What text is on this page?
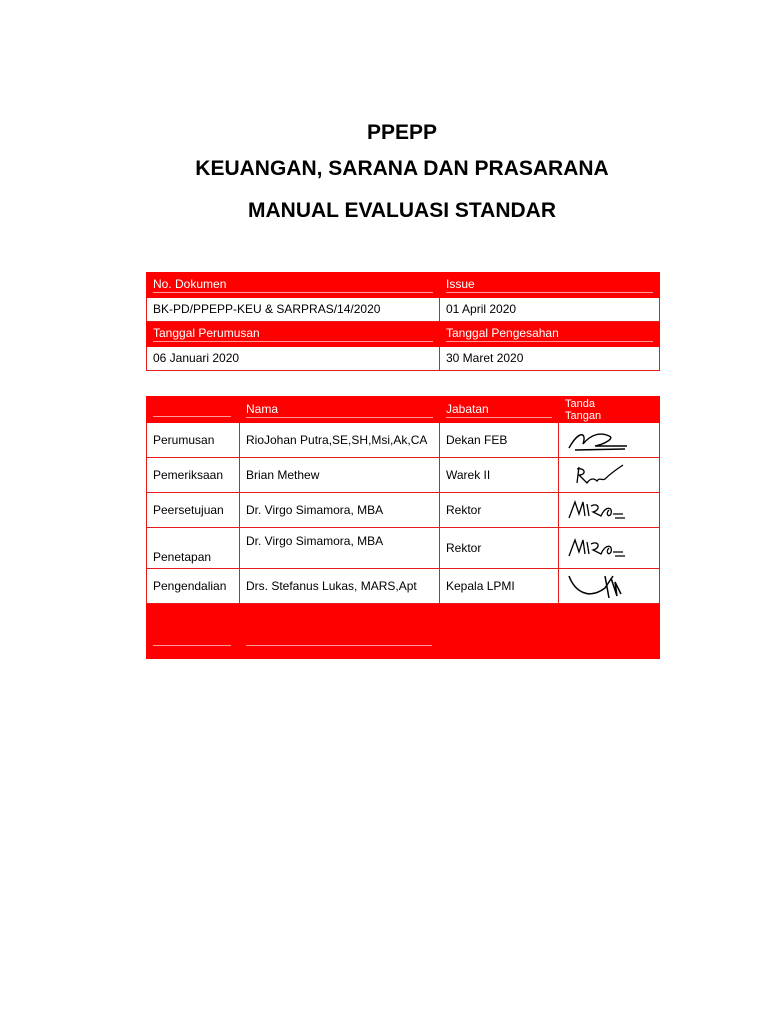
PPEPP
KEUANGAN, SARANA DAN PRASARANA
MANUAL EVALUASI STANDAR
No. Dokumen	Issue

BK-PD/PPEPP-KEU & SARPRAS/14/2020	01 April 2020

Tanggal Perumusan	Tanggal Pengesahan

06 Januari 2020	30 Maret 2020

	Nama	Jabatan	Tanda Tangan

Perumusan	RioJohan Putra,SE,SH,Msi,Ak,CA	Dekan FEB	

Pemeriksaan	Brian Methew	Warek II	

Peersetujuan	Dr. Virgo Simamora, MBA	Rektor	

Penetapan	Dr. Virgo Simamora, MBA	Rektor	

Pengendalian	Drs. Stefanus Lukas, MARS,Apt	Kepala LPMI	
